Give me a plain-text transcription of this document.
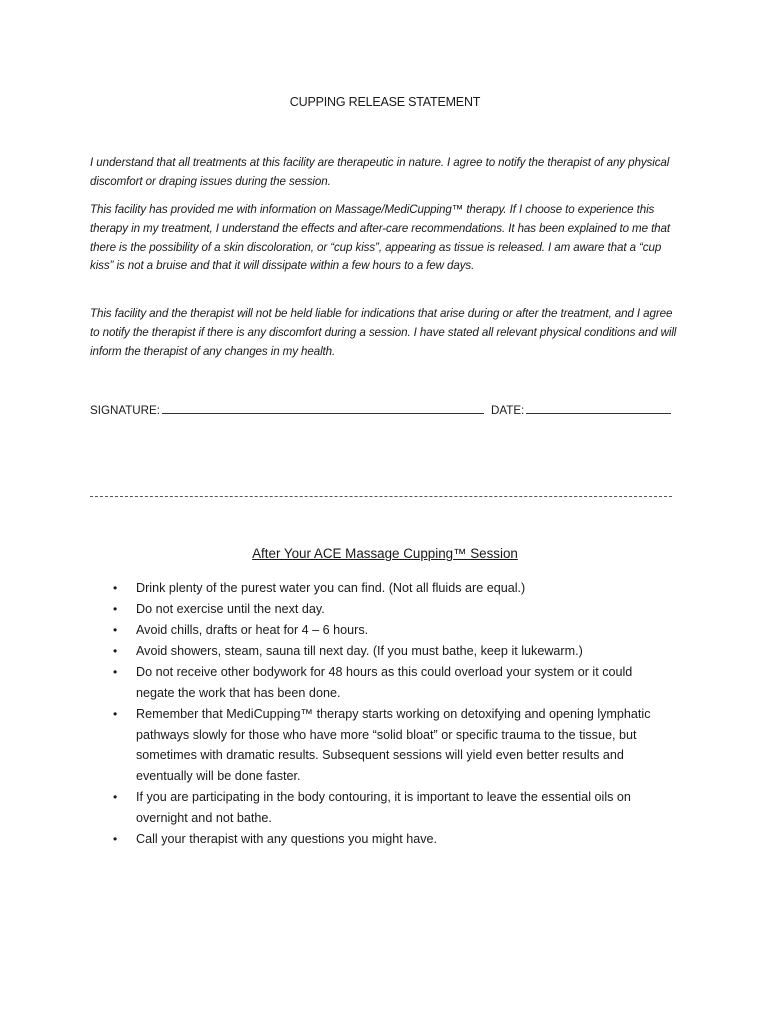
CUPPING RELEASE STATEMENT

I understand that all treatments at this facility are therapeutic in nature. I agree to notify the therapist of any physical discomfort or draping issues during the session.

This facility has provided me with information on Massage/MediCupping™ therapy. If I choose to experience this therapy in my treatment, I understand the effects and after-care recommendations. It has been explained to me that there is the possibility of a skin discoloration, or “cup kiss”, appearing as tissue is released. I am aware that a “cup kiss” is not a bruise and that it will dissipate within a few hours to a few days.

This facility and the therapist will not be held liable for indications that arise during or after the treatment, and I agree to notify the therapist if there is any discomfort during a session. I have stated all relevant physical conditions and will inform the therapist of any changes in my health.

SIGNATURE:	DATE:
After Your ACE Massage Cupping™ Session
• Drink plenty of the purest water you can find. (Not all fluids are equal.)
• Do not exercise until the next day.
• Avoid chills, drafts or heat for 4 – 6 hours.
• Avoid showers, steam, sauna till next day. (If you must bathe, keep it lukewarm.)
• Do not receive other bodywork for 48 hours as this could overload your system or it could negate the work that has been done.
• Remember that MediCupping™ therapy starts working on detoxifying and opening lymphatic pathways slowly for those who have more “solid bloat” or specific trauma to the tissue, but sometimes with dramatic results. Subsequent sessions will yield even better results and eventually will be done faster.
• If you are participating in the body contouring, it is important to leave the essential oils on overnight and not bathe.
• Call your therapist with any questions you might have.
